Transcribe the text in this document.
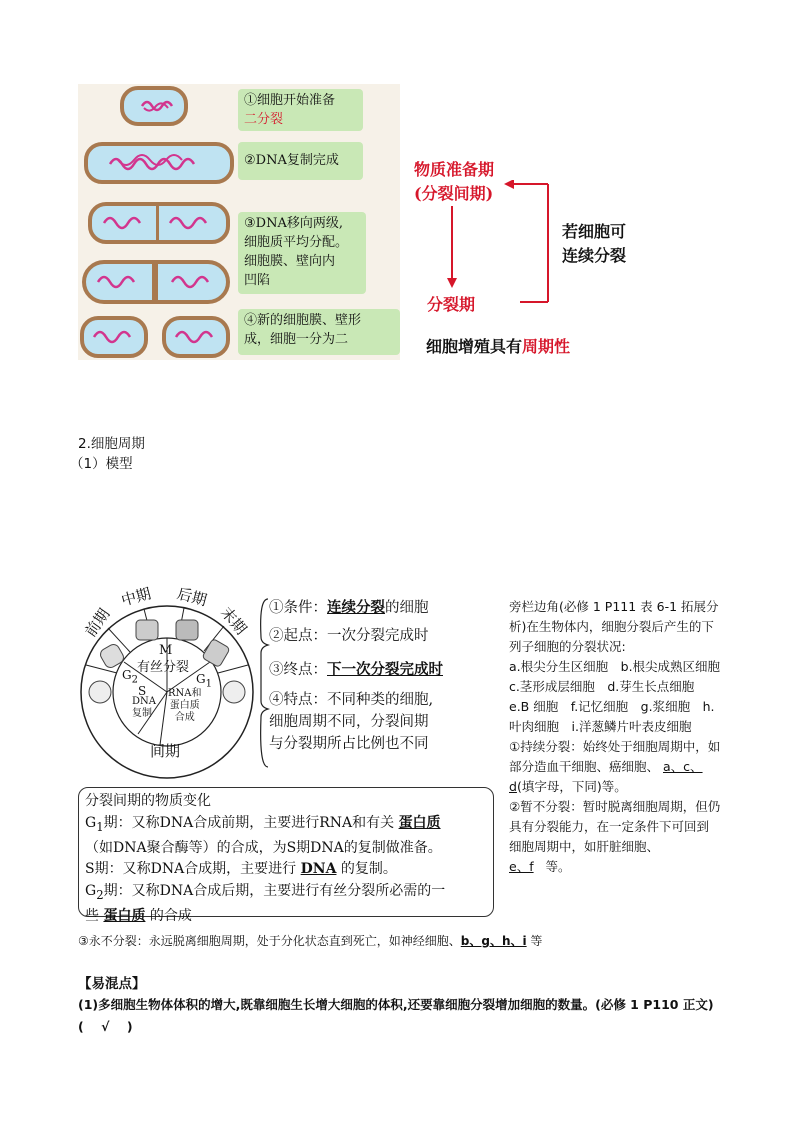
①细胞开始准备
二分裂
②DNA复制完成
③DNA移向两级,
细胞质平均分配。
细胞膜、壁向内
凹陷
④新的细胞膜、壁形
成，细胞一分为二
物质准备期
(分裂间期)
分裂期
若细胞可
连续分裂
细胞增殖具有周期性
2.细胞周期
（1）模型
前期
中期 后期
末期
M
有丝分裂
$G_2$	$G_1$
S
DNA
复制
RNA和
蛋白质
合成
间期
①条件：连续分裂的细胞
②起点：一次分裂完成时
③终点：下一次分裂完成时
④特点：不同种类的细胞,
细胞周期不同，分裂间期
与分裂期所占比例也不同
分裂间期的物质变化
$G_1$期：又称DNA合成前期，主要进行RNA和有关 蛋白质
（如DNA聚合酶等）的合成，为S期DNA的复制做准备。
S期：又称DNA合成期，主要进行 DNA 的复制。
$G_2$期：又称DNA合成后期，主要进行有丝分裂所必需的一
些 蛋白质 的合成
旁栏边角(必修 1 P111 表 6-1 拓展分析)在生物体内，细胞分裂后产生的下列子细胞的分裂状况:
a.根尖分生区细胞　b.根尖成熟区细胞　c.茎形成层细胞　d.芽生长点细胞　e.B 细胞　f.记忆细胞　g.浆细胞　h.叶肉细胞　i.洋葱鳞片叶表皮细胞
①持续分裂：始终处于细胞周期中，如部分造血干细胞、癌细胞、 a、c、d(填字母，下同)等。
②暂不分裂：暂时脱离细胞周期，但仍具有分裂能力，在一定条件下可回到细胞周期中，如肝脏细胞、
e、f 等。
③永不分裂：永远脱离细胞周期，处于分化状态直到死亡，如神经细胞、b、g、h、i 等
【易混点】
(1)多细胞生物体体积的增大,既靠细胞生长增大细胞的体积,还要靠细胞分裂增加细胞的数量。(必修 1 P110 正文)( √ )
